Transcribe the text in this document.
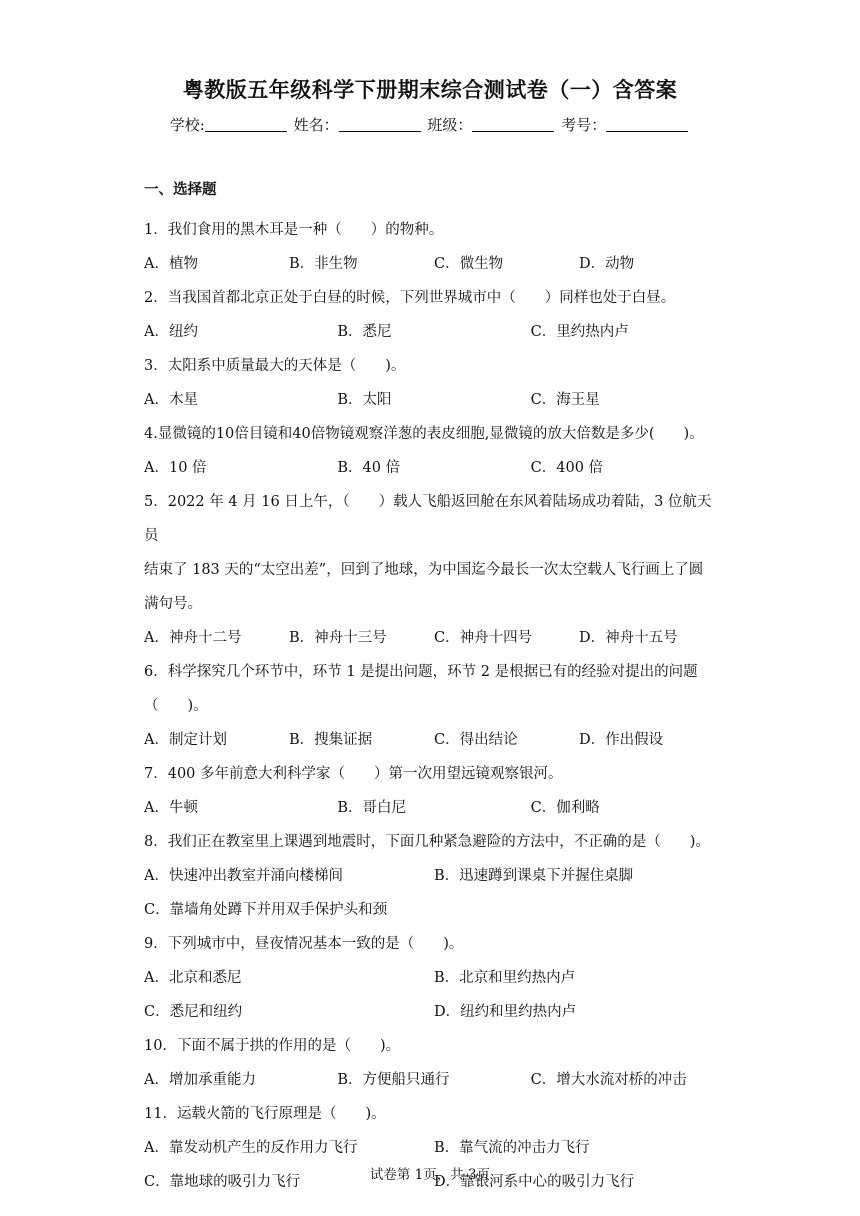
粤教版五年级科学下册期末综合测试卷（一）含答案
学校:	姓名：	班级：	考号：
一、选择题
1．我们食用的黑木耳是一种（　　）的物种。
A．植物	B．非生物	C．微生物	D．动物
2．当我国首都北京正处于白昼的时候，下列世界城市中（　　）同样也处于白昼。
A．纽约	B．悉尼	C．里约热内卢
3．太阳系中质量最大的天体是（　　)。
A．木星	B．太阳	C．海王星
4.显微镜的10倍目镜和40倍物镜观察洋葱的表皮细胞,显微镜的放大倍数是多少(　　)。
A．10 倍	B．40 倍	C．400 倍
5．2022 年 4 月 16 日上午，（　　）载人飞船返回舱在东风着陆场成功着陆，3 位航天员
结束了 183 天的“太空出差”，回到了地球，为中国迄今最长一次太空载人飞行画上了圆
满句号。
A．神舟十二号	B．神舟十三号	C．神舟十四号	D．神舟十五号
6．科学探究几个环节中，环节 1 是提出问题，环节 2 是根据已有的经验对提出的问题
（　　)。
A．制定计划	B．搜集证据	C．得出结论	D．作出假设
7．400 多年前意大利科学家（　　）第一次用望远镜观察银河。
A．牛顿	B．哥白尼	C．伽利略
8．我们正在教室里上课遇到地震时，下面几种紧急避险的方法中，不正确的是（　　)。
A．快速冲出教室并涌向楼梯间	B．迅速蹲到课桌下并握住桌脚
C．靠墙角处蹲下并用双手保护头和颈
9．下列城市中，昼夜情况基本一致的是（　　)。
A．北京和悉尼	B．北京和里约热内卢
C．悉尼和纽约	D．纽约和里约热内卢
10．下面不属于拱的作用的是（　　)。
A．增加承重能力	B．方便船只通行	C．增大水流对桥的冲击
11．运载火箭的飞行原理是（　　)。
A．靠发动机产生的反作用力飞行	B．靠气流的冲击力飞行
C．靠地球的吸引力飞行	D．靠银河系中心的吸引力飞行
试卷第 1页，共 3页
